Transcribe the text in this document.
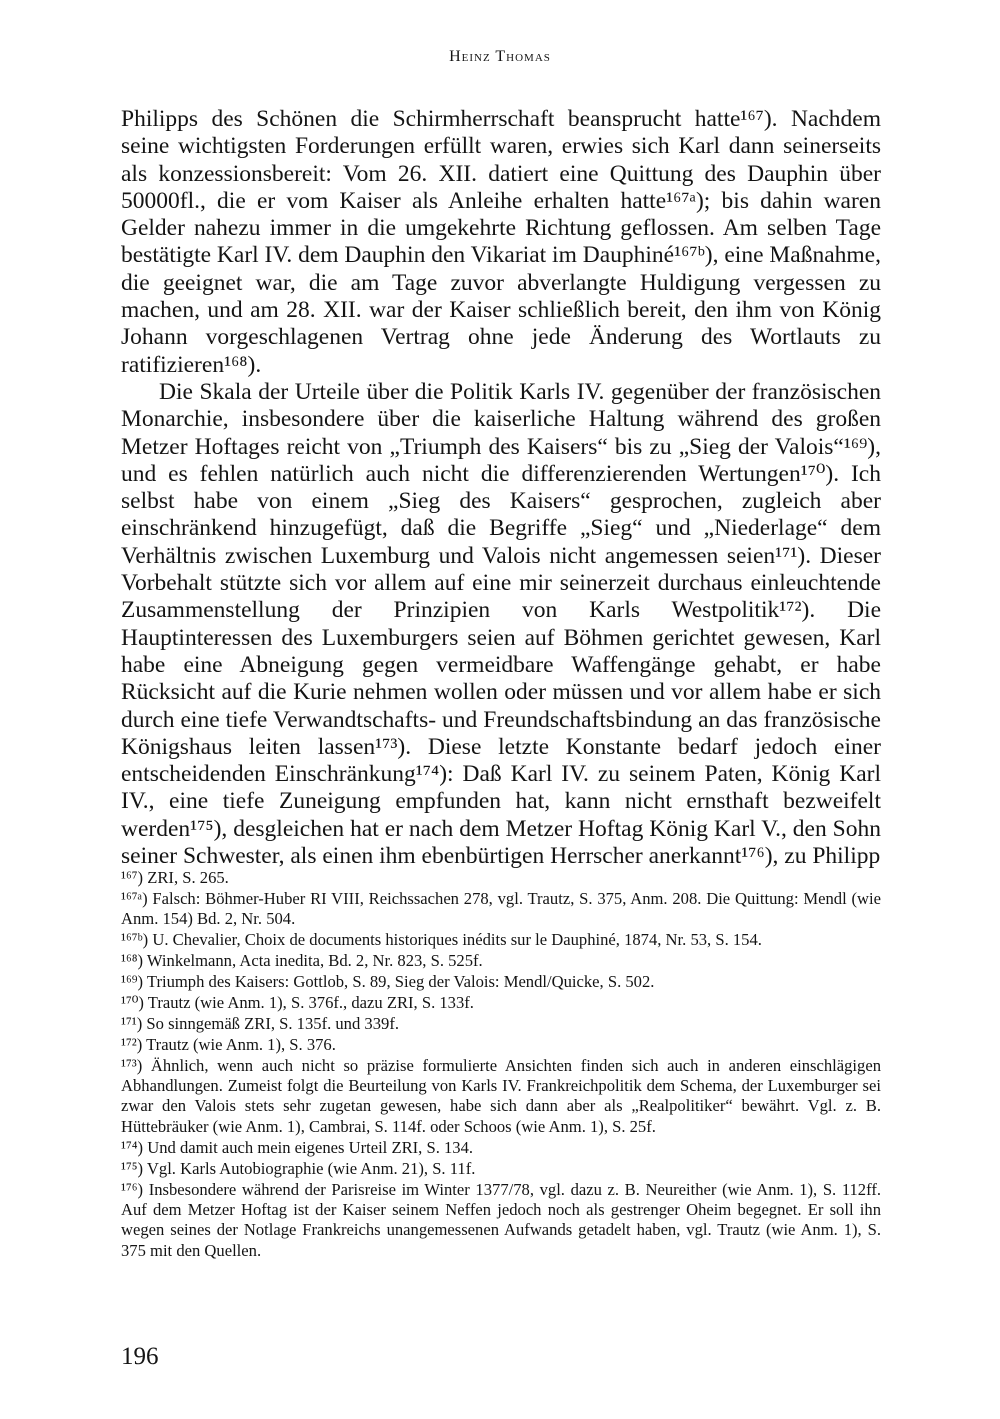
Heinz Thomas

Philipps des Schönen die Schirmherrschaft beansprucht hatte¹⁶⁷). Nachdem seine wichtigsten Forderungen erfüllt waren, erwies sich Karl dann seinerseits als konzessionsbereit: Vom 26. XII. datiert eine Quittung des Dauphin über 50000fl., die er vom Kaiser als Anleihe erhalten hatte¹⁶⁷ᵃ); bis dahin waren Gelder nahezu immer in die umgekehrte Richtung geflossen. Am selben Tage bestätigte Karl IV. dem Dauphin den Vikariat im Dauphiné¹⁶⁷ᵇ), eine Maßnahme, die geeignet war, die am Tage zuvor abverlangte Huldigung vergessen zu machen, und am 28. XII. war der Kaiser schließlich bereit, den ihm von König Johann vorgeschlagenen Vertrag ohne jede Änderung des Wortlauts zu ratifizieren¹⁶⁸).

Die Skala der Urteile über die Politik Karls IV. gegenüber der französischen Monarchie, insbesondere über die kaiserliche Haltung während des großen Metzer Hoftages reicht von „Triumph des Kaisers“ bis zu „Sieg der Valois“¹⁶⁹), und es fehlen natürlich auch nicht die differenzierenden Wertungen¹⁷⁰). Ich selbst habe von einem „Sieg des Kaisers“ gesprochen, zugleich aber einschränkend hinzugefügt, daß die Begriffe „Sieg“ und „Niederlage“ dem Verhältnis zwischen Luxemburg und Valois nicht angemessen seien¹⁷¹). Dieser Vorbehalt stützte sich vor allem auf eine mir seinerzeit durchaus einleuchtende Zusammenstellung der Prinzipien von Karls Westpolitik¹⁷²). Die Hauptinteressen des Luxemburgers seien auf Böhmen gerichtet gewesen, Karl habe eine Abneigung gegen vermeidbare Waffengänge gehabt, er habe Rücksicht auf die Kurie nehmen wollen oder müssen und vor allem habe er sich durch eine tiefe Verwandtschafts- und Freundschaftsbindung an das französische Königshaus leiten lassen¹⁷³). Diese letzte Konstante bedarf jedoch einer entscheidenden Einschränkung¹⁷⁴): Daß Karl IV. zu seinem Paten, König Karl IV., eine tiefe Zuneigung empfunden hat, kann nicht ernsthaft bezweifelt werden¹⁷⁵), desgleichen hat er nach dem Metzer Hoftag König Karl V., den Sohn seiner Schwester, als einen ihm ebenbürtigen Herrscher anerkannt¹⁷⁶), zu Philipp

¹⁶⁷) ZRI, S. 265.

¹⁶⁷ᵃ) Falsch: Böhmer-Huber RI VIII, Reichssachen 278, vgl. Trautz, S. 375, Anm. 208. Die Quittung: Mendl (wie Anm. 154) Bd. 2, Nr. 504.

¹⁶⁷ᵇ) U. Chevalier, Choix de documents historiques inédits sur le Dauphiné, 1874, Nr. 53, S. 154.

¹⁶⁸) Winkelmann, Acta inedita, Bd. 2, Nr. 823, S. 525f.

¹⁶⁹) Triumph des Kaisers: Gottlob, S. 89, Sieg der Valois: Mendl/Quicke, S. 502.

¹⁷⁰) Trautz (wie Anm. 1), S. 376f., dazu ZRI, S. 133f.

¹⁷¹) So sinngemäß ZRI, S. 135f. und 339f.

¹⁷²) Trautz (wie Anm. 1), S. 376.

¹⁷³) Ähnlich, wenn auch nicht so präzise formulierte Ansichten finden sich auch in anderen einschlägigen Abhandlungen. Zumeist folgt die Beurteilung von Karls IV. Frankreichpolitik dem Schema, der Luxemburger sei zwar den Valois stets sehr zugetan gewesen, habe sich dann aber als „Realpolitiker“ bewährt. Vgl. z. B. Hüttebräuker (wie Anm. 1), Cambrai, S. 114f. oder Schoos (wie Anm. 1), S. 25f.

¹⁷⁴) Und damit auch mein eigenes Urteil ZRI, S. 134.

¹⁷⁵) Vgl. Karls Autobiographie (wie Anm. 21), S. 11f.

¹⁷⁶) Insbesondere während der Parisreise im Winter 1377/78, vgl. dazu z. B. Neureither (wie Anm. 1), S. 112ff. Auf dem Metzer Hoftag ist der Kaiser seinem Neffen jedoch noch als gestrenger Oheim begegnet. Er soll ihn wegen seines der Notlage Frankreichs unangemessenen Aufwands getadelt haben, vgl. Trautz (wie Anm. 1), S. 375 mit den Quellen.

196
